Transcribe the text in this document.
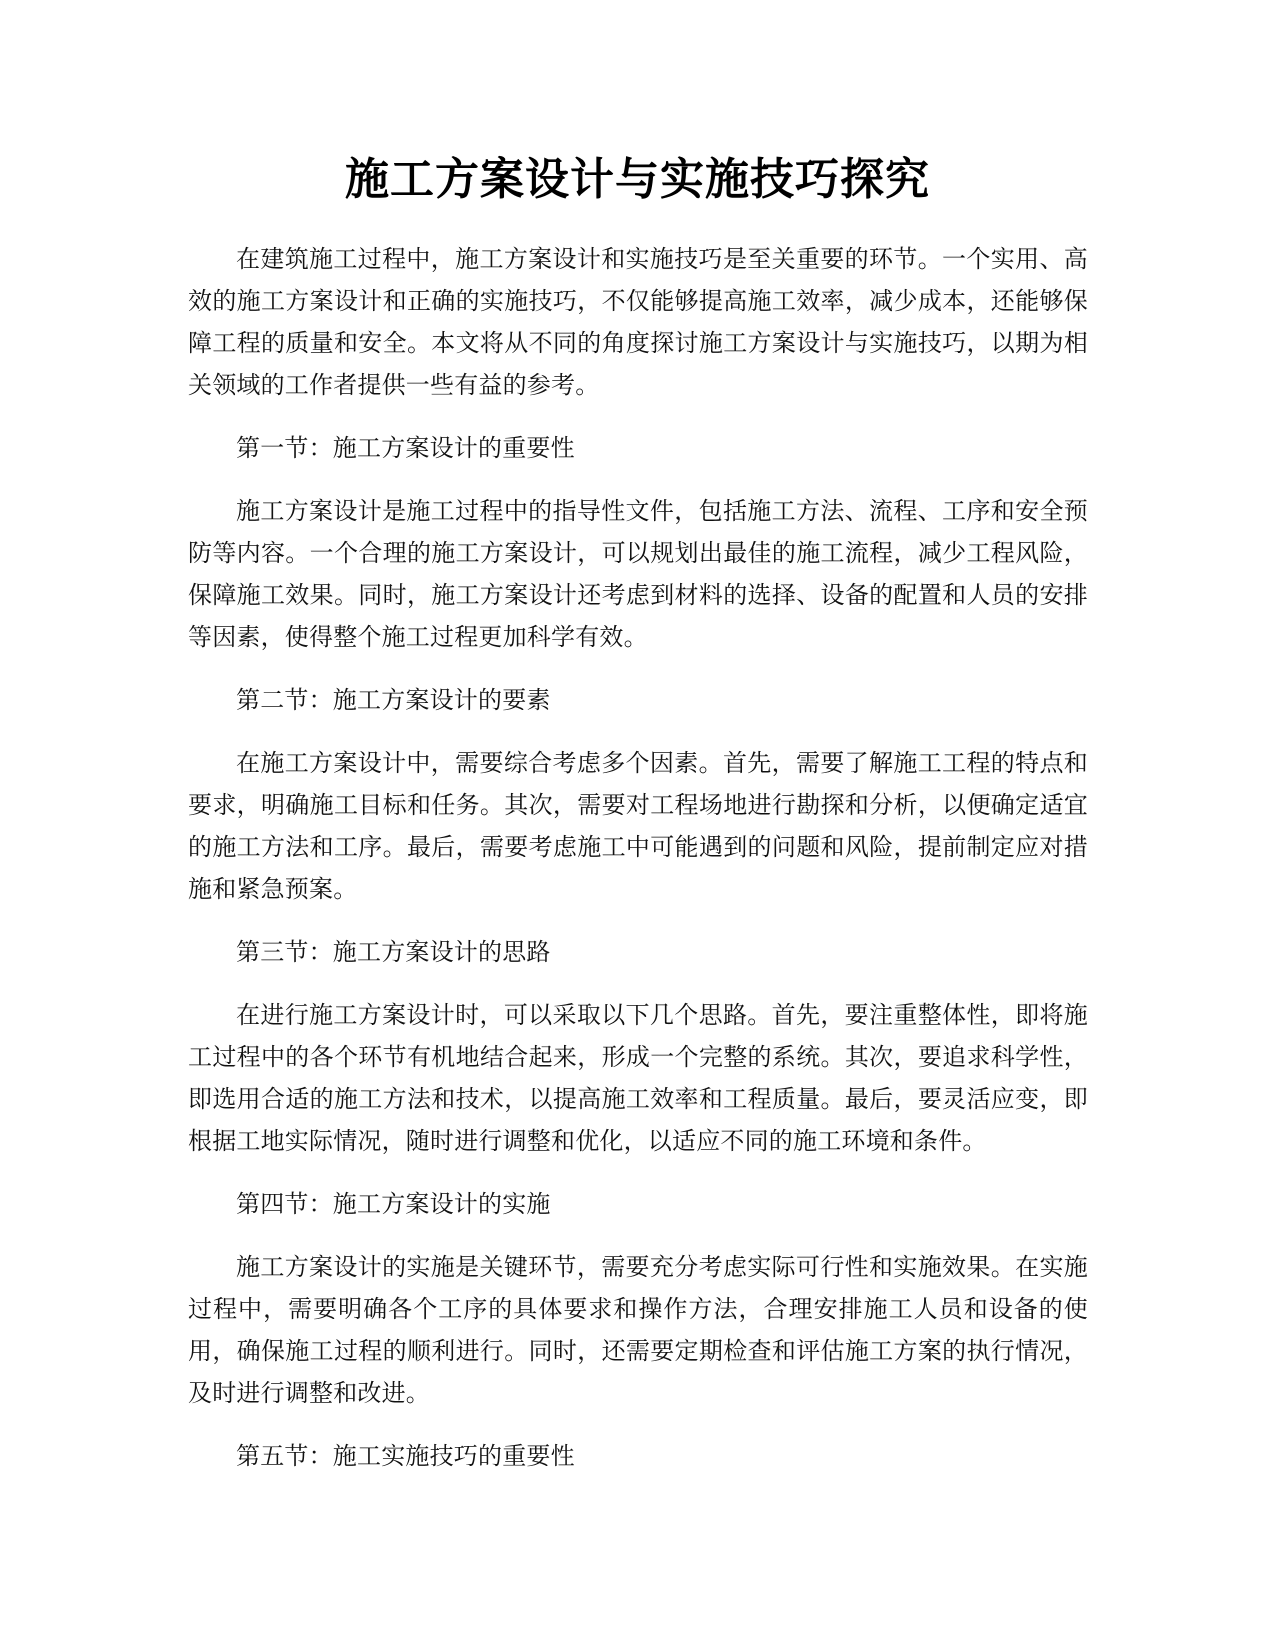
施工方案设计与实施技巧探究

在建筑施工过程中，施工方案设计和实施技巧是至关重要的环节。一个实用、高效的施工方案设计和正确的实施技巧，不仅能够提高施工效率，减少成本，还能够保障工程的质量和安全。本文将从不同的角度探讨施工方案设计与实施技巧，以期为相关领域的工作者提供一些有益的参考。

第一节：施工方案设计的重要性

施工方案设计是施工过程中的指导性文件，包括施工方法、流程、工序和安全预防等内容。一个合理的施工方案设计，可以规划出最佳的施工流程，减少工程风险，保障施工效果。同时，施工方案设计还考虑到材料的选择、设备的配置和人员的安排等因素，使得整个施工过程更加科学有效。

第二节：施工方案设计的要素

在施工方案设计中，需要综合考虑多个因素。首先，需要了解施工工程的特点和要求，明确施工目标和任务。其次，需要对工程场地进行勘探和分析，以便确定适宜的施工方法和工序。最后，需要考虑施工中可能遇到的问题和风险，提前制定应对措施和紧急预案。

第三节：施工方案设计的思路

在进行施工方案设计时，可以采取以下几个思路。首先，要注重整体性，即将施工过程中的各个环节有机地结合起来，形成一个完整的系统。其次，要追求科学性，即选用合适的施工方法和技术，以提高施工效率和工程质量。最后，要灵活应变，即根据工地实际情况，随时进行调整和优化，以适应不同的施工环境和条件。

第四节：施工方案设计的实施

施工方案设计的实施是关键环节，需要充分考虑实际可行性和实施效果。在实施过程中，需要明确各个工序的具体要求和操作方法，合理安排施工人员和设备的使用，确保施工过程的顺利进行。同时，还需要定期检查和评估施工方案的执行情况，及时进行调整和改进。

第五节：施工实施技巧的重要性
